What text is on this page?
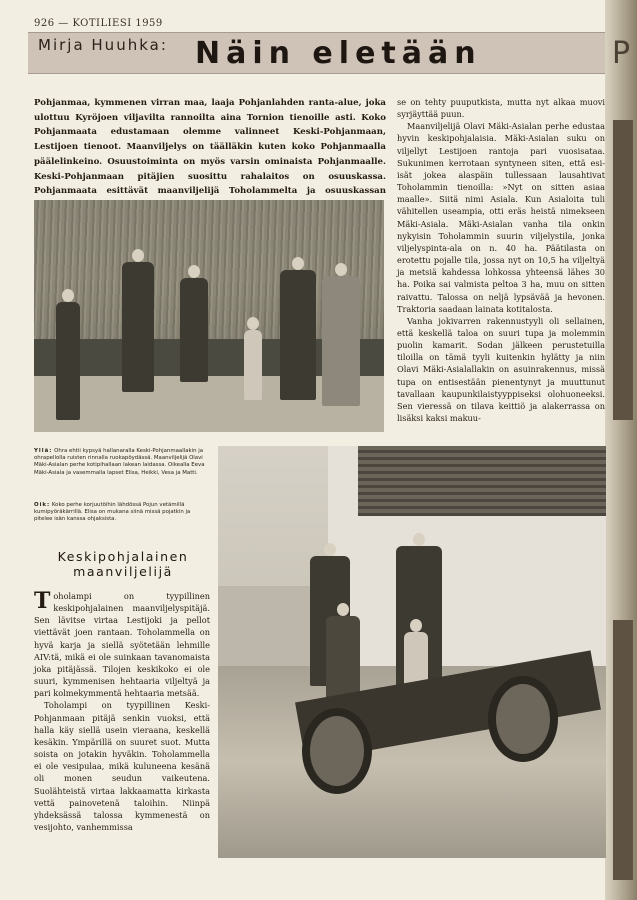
926 — KOTILIESI 1959
Mirja Huuhka: Näin eletään	P
Pohjanmaa, kymmenen virran maa, laaja Pohjanlahden ranta-alue, joka ulottuu Kyröjoen viljavilta rannoilta aina Tornion tienoille asti. Koko Pohjanmaata edustamaan olemme valinneet Keski-Pohjanmaan, Lestijoen tienoot. Maanviljelys on täälläkin kuten koko Pohjanmaalla päälelinkeino. Osuustoiminta on myös varsin ominaista Pohjanmaalle. Keski-Pohjanmaan pitäjien suosittu rahalaitos on osuuskassa. Pohjanmaata esittävät maanviljelijä Toholammelta ja osuuskassan
Yllä: Ohra ehtii kypsyä hallanaralla Keski-Pohjanmaallakin ja ohrapellolla ruisten rinnalla ruokapöydässä. Maanviljelijä Olavi Mäki-Asialan perhe kotipihallaan lakean laidassa. Oikealla Eeva Mäki-Asiala ja vasemmalla lapset Elisa, Heikki, Vesa ja Matti.
Oik: Koko perhe korjuutöihin lähdössä Pojun vetämillä kumipyöräkärrillä. Elisa on mukana siinä missä pojatkin ja pitelee isän kanssa ohjaksista.
Keskipohjalainen
maanviljelijä

Toholampi on tyypillinen keskipohjalainen maanviljelyspitäjä. Sen lävitse virtaa Lestijoki ja pellot viettävät joen rantaan. Toholammella on hyvä karja ja siellä syötetään lehmille AIV:tä, mikä ei ole suinkaan tavanomaista joka pitäjässä. Tilojen keskikoko ei ole suuri, kymmenisen hehtaaria viljeltyä ja pari kolmekymmentä hehtaaria metsää.

Toholampi on tyypillinen Keski-Pohjanmaan pitäjä senkin vuoksi, että halla käy siellä usein vieraana, keskellä kesäkin. Ympärillä on suuret suot. Mutta soista on jotakin hyväkin. Toholammella ei ole vesipulaa, mikä kuluneena kesänä oli monen seudun vaikeutena. Suolähteistä virtaa lakkaamatta kirkasta vettä painovetenä taloihin. Niinpä yhdeksässä talossa kymmenestä on vesijohto, vanhemmissa

se on tehty puuputkista, mutta nyt alkaa muovi syrjäyttää puun.

Maanviljelijä Olavi Mäki-Asialan perhe edustaa hyvin keskipohjalaisia. Mäki-Asialan suku on viljellyt Lestijoen rantoja pari vuosisataa. Sukunimen kerrotaan syntyneen siten, että esi-isät jokea alaspäin tullessaan lausahtivat Toholammin tienoilla: »Nyt on sitten asiaa maalle». Siitä nimi Asiala. Kun Asialoita tuli vähitellen useampia, otti eräs heistä nimekseen Mäki-Asiala. Mäki-Asialan vanha tila onkin nykyisin Toholammin suurin viljelystila, jonka viljelyspinta-ala on n. 40 ha. Päätilasta on erotettu pojalle tila, jossa nyt on 10,5 ha viljeltyä ja metsiä kahdessa lohkossa yhteensä lähes 30 ha. Poika sai valmista peltoa 3 ha, muu on sitten raivattu. Talossa on neljä lypsävää ja hevonen. Traktoria saadaan lainata kotitalosta.

Vanha jokivarren rakennustyyli oli sellainen, että keskellä taloa on suuri tupa ja molemmin puolin kamarit. Sodan jälkeen perustetuilla tiloilla on tämä tyyli kuitenkin hylätty ja niin Olavi Mäki-Asialallakin on asuinrakennus, missä tupa on entisestään pienentynyt ja muuttunut tavallaan kaupunkilaistyyppiseksi olohuoneeksi. Sen vieressä on tilava keittiö ja alakerrassa on lisäksi kaksi makuu-
